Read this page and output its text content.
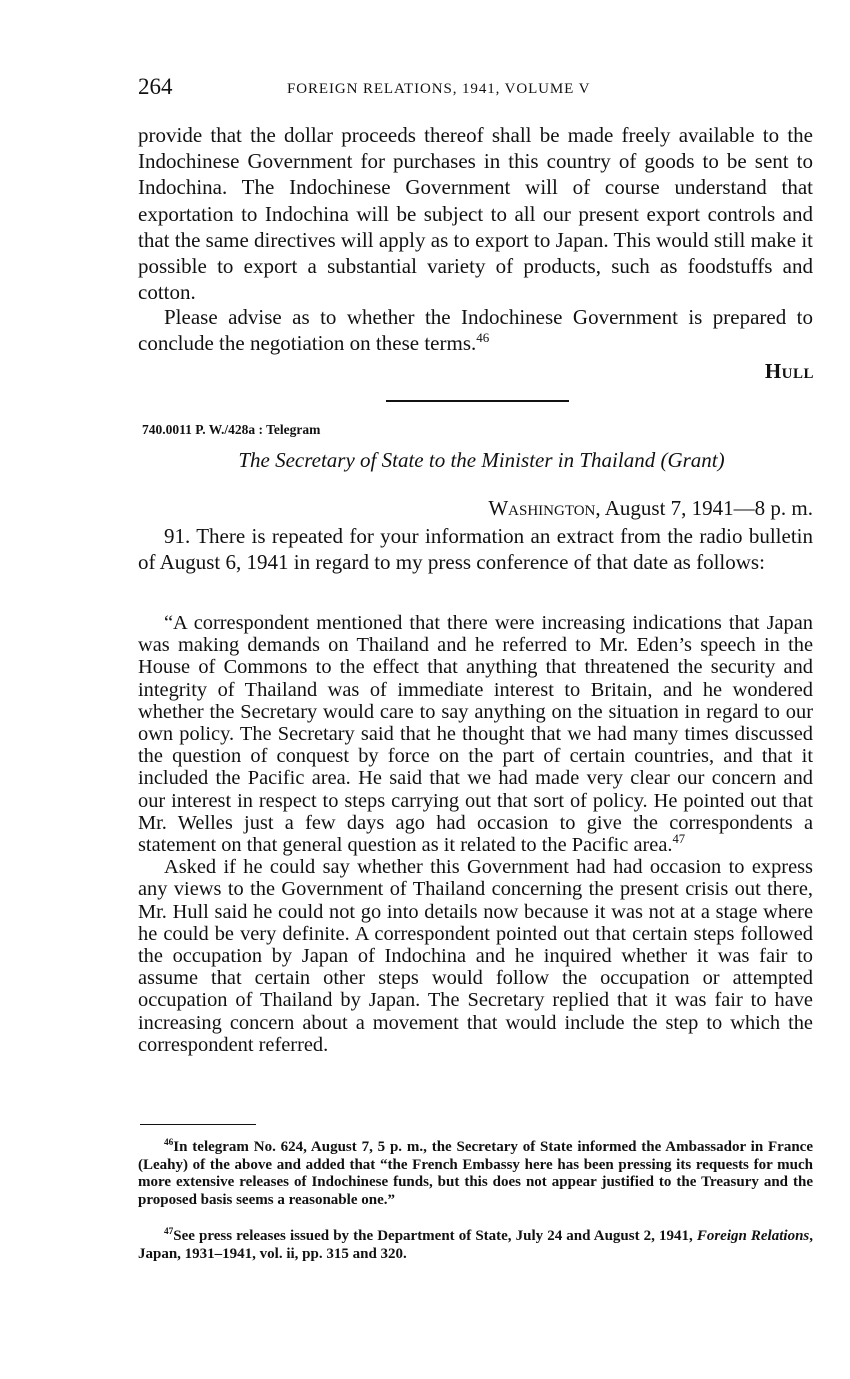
264	FOREIGN RELATIONS, 1941, VOLUME V

provide that the dollar proceeds thereof shall be made freely available to the Indochinese Government for purchases in this country of goods to be sent to Indochina. The Indochinese Government will of course understand that exportation to Indochina will be subject to all our present export controls and that the same directives will apply as to export to Japan. This would still make it possible to export a substantial variety of products, such as foodstuffs and cotton.

Please advise as to whether the Indochinese Government is prepared to conclude the negotiation on these terms.$^{46}$

Hull
740.0011 P. W./428a : Telegram
The Secretary of State to the Minister in Thailand (Grant)
Washington, August 7, 1941—8 p. m.

91. There is repeated for your information an extract from the radio bulletin of August 6, 1941 in regard to my press conference of that date as follows:

“A correspondent mentioned that there were increasing indications that Japan was making demands on Thailand and he referred to Mr. Eden’s speech in the House of Commons to the effect that anything that threatened the security and integrity of Thailand was of immediate interest to Britain, and he wondered whether the Secretary would care to say anything on the situation in regard to our own policy. The Secretary said that he thought that we had many times discussed the question of conquest by force on the part of certain countries, and that it included the Pacific area. He said that we had made very clear our concern and our interest in respect to steps carrying out that sort of policy. He pointed out that Mr. Welles just a few days ago had occasion to give the correspondents a statement on that general question as it related to the Pacific area.$^{47}$

Asked if he could say whether this Government had had occasion to express any views to the Government of Thailand concerning the present crisis out there, Mr. Hull said he could not go into details now because it was not at a stage where he could be very definite. A correspondent pointed out that certain steps followed the occupation by Japan of Indochina and he inquired whether it was fair to assume that certain other steps would follow the occupation or attempted occupation of Thailand by Japan. The Secretary replied that it was fair to have increasing concern about a movement that would include the step to which the correspondent referred.

$^{46}$In telegram No. 624, August 7, 5 p. m., the Secretary of State informed the Ambassador in France (Leahy) of the above and added that “the French Embassy here has been pressing its requests for much more extensive releases of Indochinese funds, but this does not appear justified to the Treasury and the proposed basis seems a reasonable one.”

$^{47}$See press releases issued by the Department of State, July 24 and August 2, 1941, Foreign Relations, Japan, 1931–1941, vol. ii, pp. 315 and 320.
